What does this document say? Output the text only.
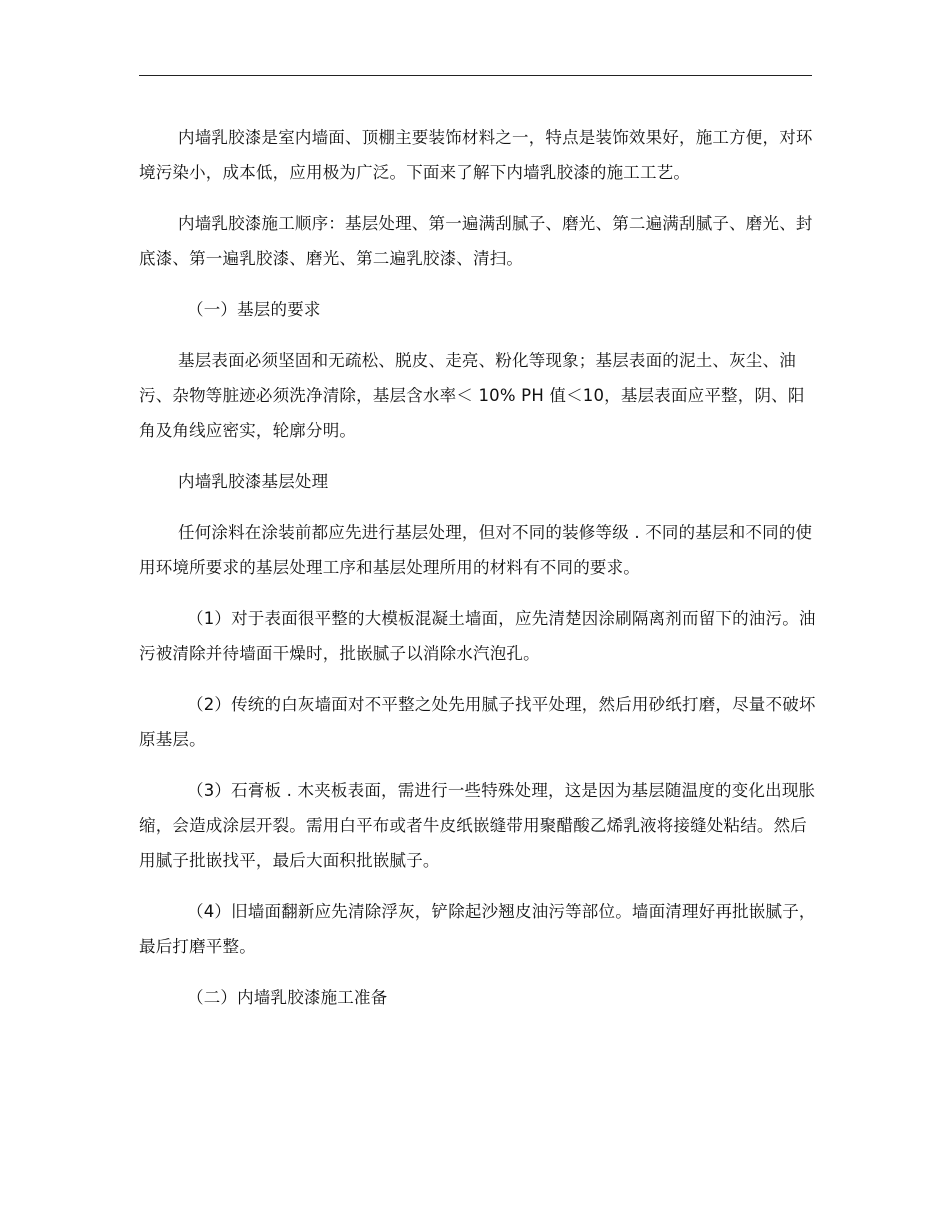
内墙乳胶漆是室内墙面、顶棚主要装饰材料之一，特点是装饰效果好，施工方便，对环境污染小，成本低，应用极为广泛。下面来了解下内墙乳胶漆的施工工艺。

内墙乳胶漆施工顺序：基层处理、第一遍满刮腻子、磨光、第二遍满刮腻子、磨光、封底漆、第一遍乳胶漆、磨光、第二遍乳胶漆、清扫。

（一）基层的要求

基层表面必须坚固和无疏松、脱皮、走亮、粉化等现象；基层表面的泥土、灰尘、油污、杂物等脏迹必须洗净清除，基层含水率＜ 10% PH 值＜10，基层表面应平整，阴、阳角及角线应密实，轮廓分明。

内墙乳胶漆基层处理

任何涂料在涂装前都应先进行基层处理，但对不同的装修等级 . 不同的基层和不同的使用环境所要求的基层处理工序和基层处理所用的材料有不同的要求。

（1）对于表面很平整的大模板混凝土墙面，应先清楚因涂刷隔离剂而留下的油污。油污被清除并待墙面干燥时，批嵌腻子以消除水汽泡孔。

（2）传统的白灰墙面对不平整之处先用腻子找平处理，然后用砂纸打磨，尽量不破坏原基层。

（3）石膏板 . 木夹板表面，需进行一些特殊处理，这是因为基层随温度的变化出现胀缩，会造成涂层开裂。需用白平布或者牛皮纸嵌缝带用聚醋酸乙烯乳液将接缝处粘结。然后用腻子批嵌找平，最后大面积批嵌腻子。

（4）旧墙面翻新应先清除浮灰，铲除起沙翘皮油污等部位。墙面清理好再批嵌腻子，最后打磨平整。

（二）内墙乳胶漆施工准备
